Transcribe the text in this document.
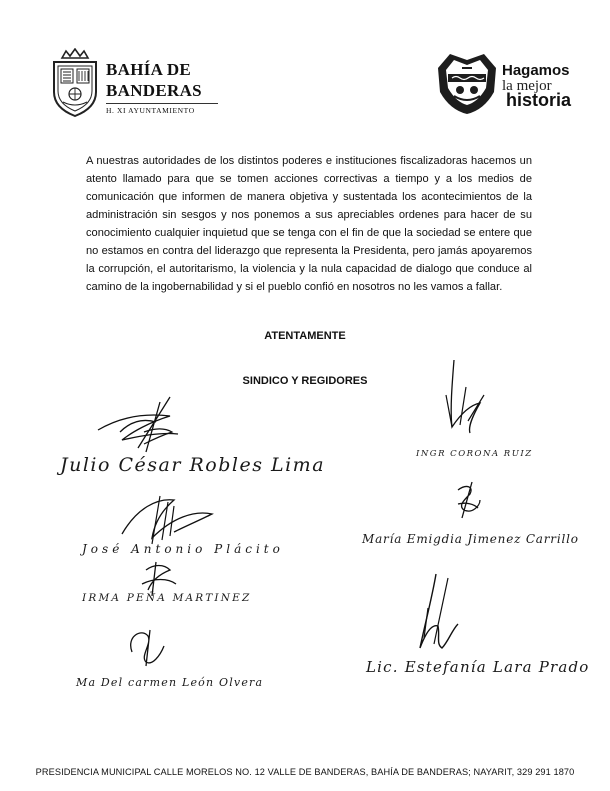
BAHÍA DE
BANDERAS
H. XI AYUNTAMIENTO
Hagamos
la mejor
historia

A nuestras autoridades de los distintos poderes e instituciones fiscalizadoras hacemos un atento llamado para que se tomen acciones correctivas a tiempo y a los medios de comunicación que informen de manera objetiva y sustentada los acontecimientos de la administración sin sesgos y nos ponemos a sus apreciables ordenes para hacer de su conocimiento cualquier inquietud que se tenga con el fin de que la sociedad se entere que no estamos en contra del liderazgo que representa la Presidenta, pero jamás apoyaremos la corrupción, el autoritarismo, la violencia y la nula capacidad de dialogo que conduce al camino de la ingobernabilidad y si el pueblo confió en nosotros no les vamos a fallar.

ATENTAMENTE
SINDICO Y REGIDORES
Julio César Robles Lima
José Antonio Plácito
IRMA PEÑA MARTINEZ
Ma Del carmen León Olvera
INGR CORONA RUIZ
María Emigdia Jimenez Carrillo
Lic. Estefanía Lara Prado
PRESIDENCIA MUNICIPAL CALLE MORELOS NO. 12 VALLE DE BANDERAS, BAHÍA DE BANDERAS; NAYARIT, 329 291 1870
